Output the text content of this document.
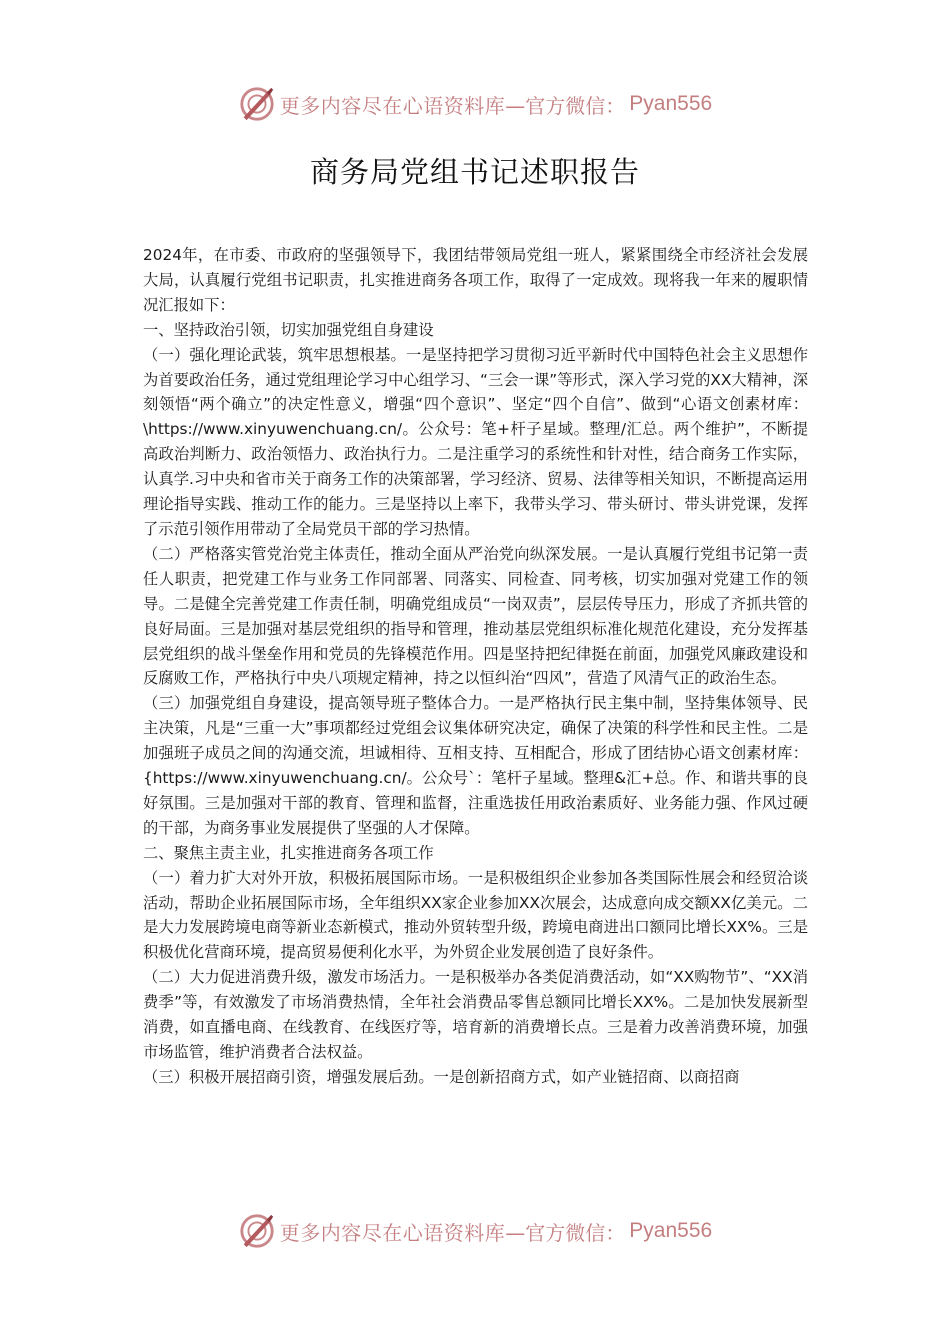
更多内容尽在心语资料库 —官方微信： Pyan556
商务局党组书记述职报告

2024年，在市委、市政府的坚强领导下，我团结带领局党组一班人，紧紧围绕全市经济社会发展大局，认真履行党组书记职责，扎实推进商务各项工作，取得了一定成效。现将我一年来的履职情况汇报如下：

一、坚持政治引领，切实加强党组自身建设

（一）强化理论武装，筑牢思想根基。一是坚持把学习贯彻习近平新时代中国特色社会主义思想作为首要政治任务，通过党组理论学习中心组学习、“三会一课”等形式，深入学习党的XX大精神，深刻领悟“两个确立”的决定性意义，增强“四个意识”、坚定“四个自信”、做到“心语文创素材库：\https://www.xinyuwenchuang.cn/。公众号：笔+杆子星域。整理/汇总。两个维护”，不断提高政治判断力、政治领悟力、政治执行力。二是注重学习的系统性和针对性，结合商务工作实际，认真学.习中央和省市关于商务工作的决策部署，学习经济、贸易、法律等相关知识，不断提高运用理论指导实践、推动工作的能力。三是坚持以上率下，我带头学习、带头研讨、带头讲党课，发挥了示范引领作用带动了全局党员干部的学习热情。

（二）严格落实管党治党主体责任，推动全面从严治党向纵深发展。一是认真履行党组书记第一责任人职责，把党建工作与业务工作同部署、同落实、同检查、同考核，切实加强对党建工作的领导。二是健全完善党建工作责任制，明确党组成员“一岗双责”，层层传导压力，形成了齐抓共管的良好局面。三是加强对基层党组织的指导和管理，推动基层党组织标准化规范化建设，充分发挥基层党组织的战斗堡垒作用和党员的先锋模范作用。四是坚持把纪律挺在前面，加强党风廉政建设和反腐败工作，严格执行中央八项规定精神，持之以恒纠治“四风”，营造了风清气正的政治生态。

（三）加强党组自身建设，提高领导班子整体合力。一是严格执行民主集中制，坚持集体领导、民主决策，凡是“三重一大”事项都经过党组会议集体研究决定，确保了决策的科学性和民主性。二是加强班子成员之间的沟通交流，坦诚相待、互相支持、互相配合，形成了团结协心语文创素材库：{https://www.xinyuwenchuang.cn/。公众号`：笔杆子星域。整理&汇+总。作、和谐共事的良好氛围。三是加强对干部的教育、管理和监督，注重选拔任用政治素质好、业务能力强、作风过硬的干部，为商务事业发展提供了坚强的人才保障。

二、聚焦主责主业，扎实推进商务各项工作

（一）着力扩大对外开放，积极拓展国际市场。一是积极组织企业参加各类国际性展会和经贸洽谈活动，帮助企业拓展国际市场，全年组织XX家企业参加XX次展会，达成意向成交额XX亿美元。二是大力发展跨境电商等新业态新模式，推动外贸转型升级，跨境电商进出口额同比增长XX%。三是积极优化营商环境，提高贸易便利化水平，为外贸企业发展创造了良好条件。

（二）大力促进消费升级，激发市场活力。一是积极举办各类促消费活动，如“XX购物节”、“XX消费季”等，有效激发了市场消费热情，全年社会消费品零售总额同比增长XX%。二是加快发展新型消费，如直播电商、在线教育、在线医疗等，培育新的消费增长点。三是着力改善消费环境，加强市场监管，维护消费者合法权益。

（三）积极开展招商引资，增强发展后劲。一是创新招商方式，如产业链招商、以商招商

更多内容尽在心语资料库 —官方微信： Pyan556
